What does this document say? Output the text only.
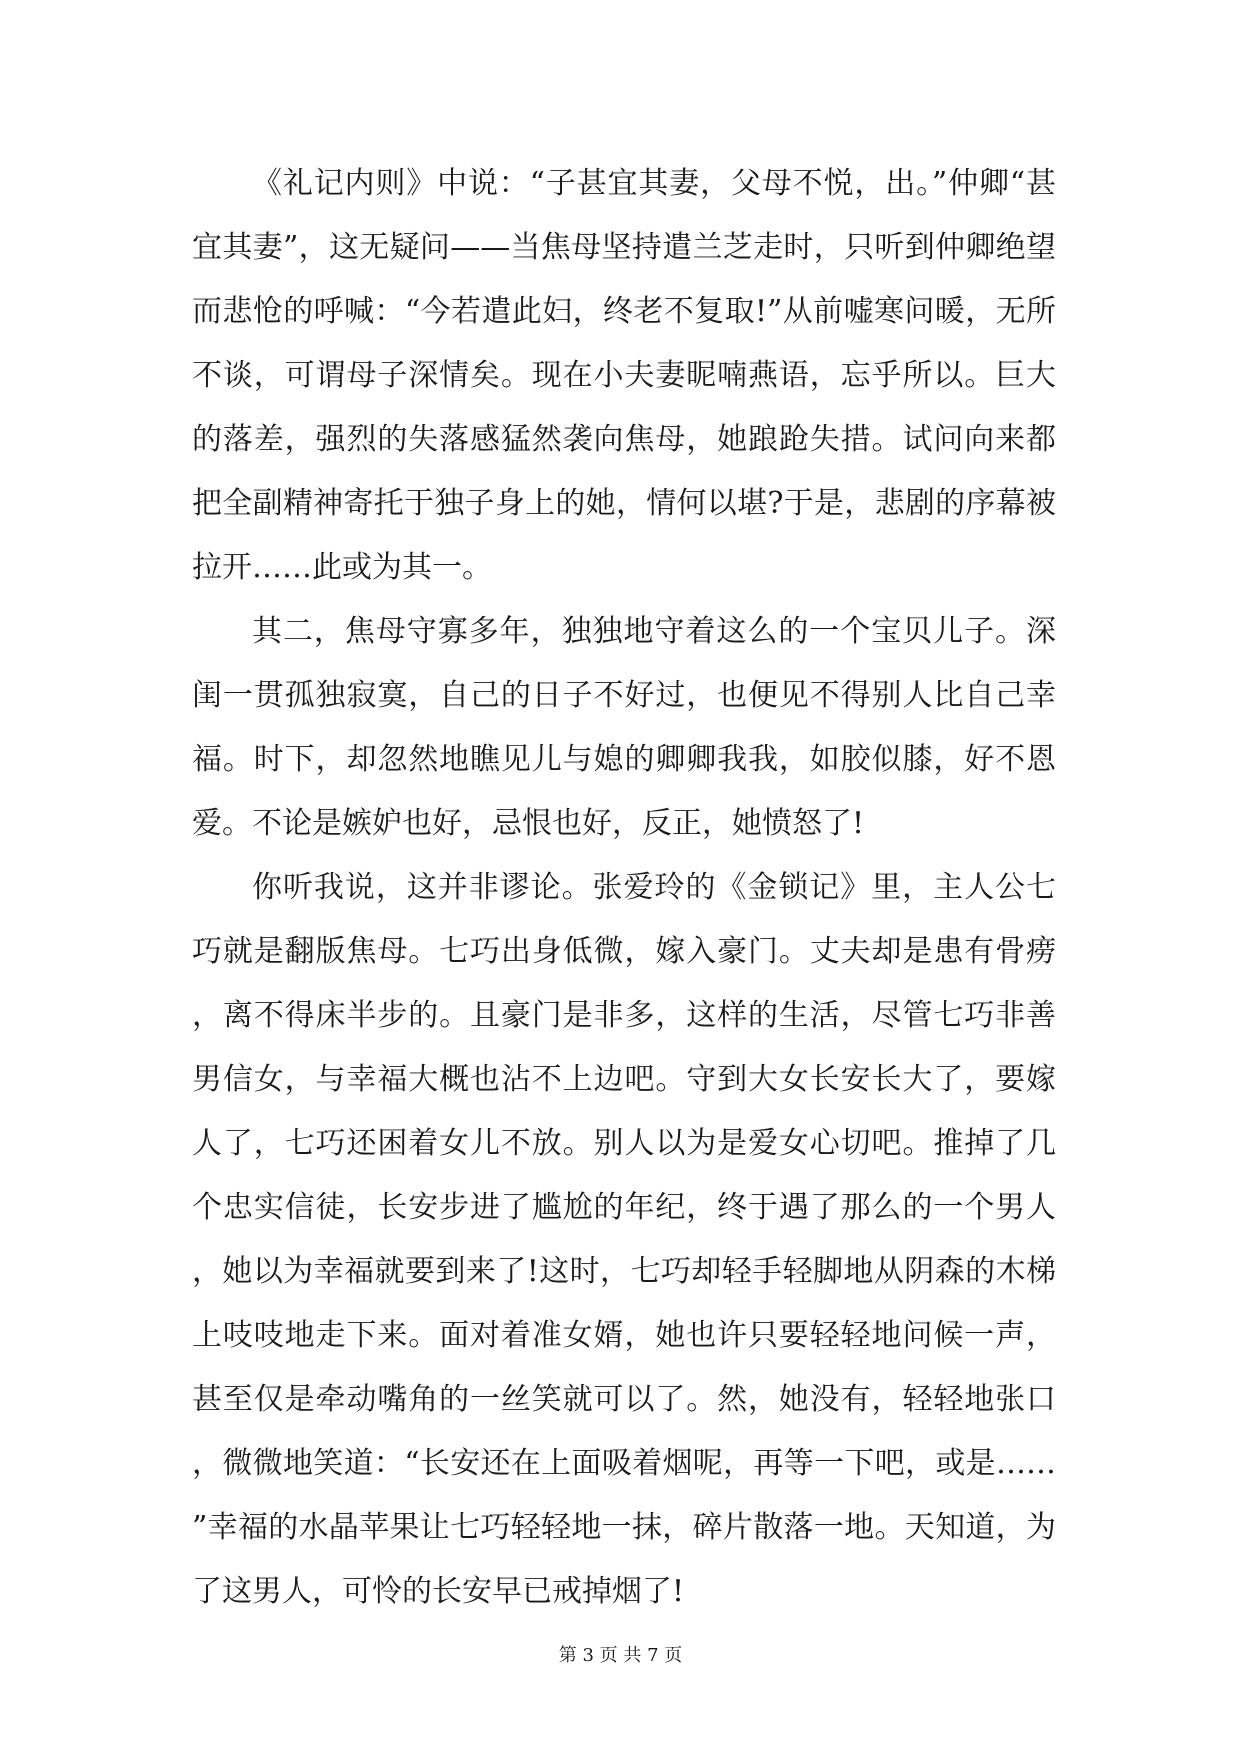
《礼记内则》中说：“子甚宜其妻，父母不悦，出。”仲卿“甚宜其妻”，这无疑问——当焦母坚持遣兰芝走时，只听到仲卿绝望而悲怆的呼喊：“今若遣此妇，终老不复取!”从前嘘寒问暖，无所不谈，可谓母子深情矣。现在小夫妻昵喃燕语，忘乎所以。巨大的落差，强烈的失落感猛然袭向焦母，她踉跄失措。试问向来都把全副精神寄托于独子身上的她，情何以堪?于是，悲剧的序幕被拉开……此或为其一。

其二，焦母守寡多年，独独地守着这么的一个宝贝儿子。深闺一贯孤独寂寞，自己的日子不好过，也便见不得别人比自己幸福。时下，却忽然地瞧见儿与媳的卿卿我我，如胶似膝，好不恩爱。不论是嫉妒也好，忌恨也好，反正，她愤怒了!

你听我说，这并非谬论。张爱玲的《金锁记》里，主人公七巧就是翻版焦母。七巧出身低微，嫁入豪门。丈夫却是患有骨痨，离不得床半步的。且豪门是非多，这样的生活，尽管七巧非善男信女，与幸福大概也沾不上边吧。守到大女长安长大了，要嫁人了，七巧还困着女儿不放。别人以为是爱女心切吧。推掉了几个忠实信徒，长安步进了尴尬的年纪，终于遇了那么的一个男人，她以为幸福就要到来了!这时，七巧却轻手轻脚地从阴森的木梯上吱吱地走下来。面对着准女婿，她也许只要轻轻地问候一声，甚至仅是牵动嘴角的一丝笑就可以了。然，她没有，轻轻地张口，微微地笑道：“长安还在上面吸着烟呢，再等一下吧，或是……”幸福的水晶苹果让七巧轻轻地一抹，碎片散落一地。天知道，为了这男人，可怜的长安早已戒掉烟了!

第 3 页 共 7 页
